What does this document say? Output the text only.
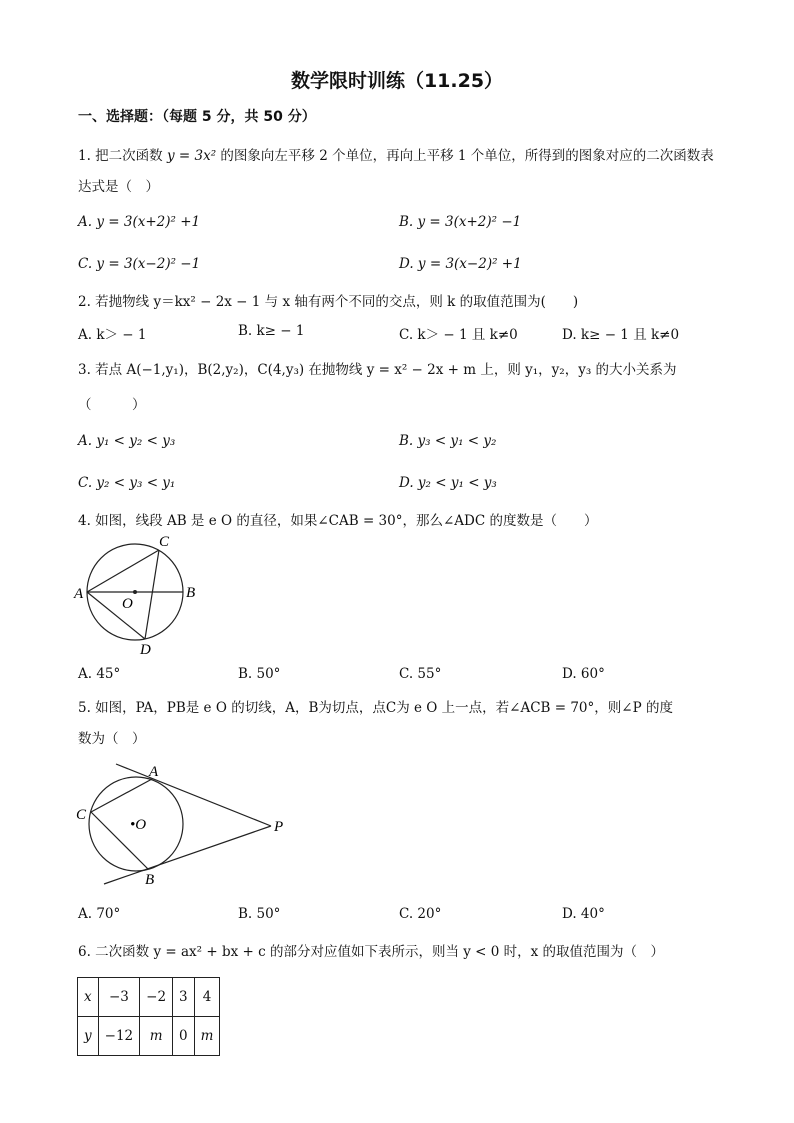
数学限时训练（11.25）
一、选择题：（每题 5 分，共 50 分）
1. 把二次函数 y = 3x² 的图象向左平移 2 个单位，再向上平移 1 个单位，所得到的图象对应的二次函数表
达式是（　）
A. y = 3(x+2)² +1	B. y = 3(x+2)² −1
C. y = 3(x−2)² −1	D. y = 3(x−2)² +1
2. 若抛物线 y＝kx² − 2x − 1 与 x 轴有两个不同的交点，则 k 的取值范围为(　　)
A. k＞ − 1	B. k≥ − 1	C. k＞ − 1 且 k≠0	D. k≥ − 1 且 k≠0
3. 若点 A(−1,y₁)，B(2,y₂)，C(4,y₃) 在抛物线 y = x² − 2x + m 上，则 y₁，y₂，y₃ 的大小关系为
（　　　）
A. y₁ < y₂ < y₃	B. y₃ < y₁ < y₂
C. y₂ < y₃ < y₁	D. y₂ < y₁ < y₃
4. 如图，线段 AB 是 e O 的直径，如果∠CAB = 30°，那么∠ADC 的度数是（　　）
A	B
C
D
O
A. 45°	B. 50°	C. 55°	D. 60°
5. 如图，PA，PB是 e O 的切线，A，B为切点，点C为 e O 上一点，若∠ACB = 70°，则∠P 的度
数为（　）
A
B
C
•O	P
A. 70°	B. 50°	C. 20°	D. 40°
6. 二次函数 y = ax² + bx + c 的部分对应值如下表所示，则当 y < 0 时，x 的取值范围为（　）
x	−3	−2	3	4
y	−12	m	0	m
